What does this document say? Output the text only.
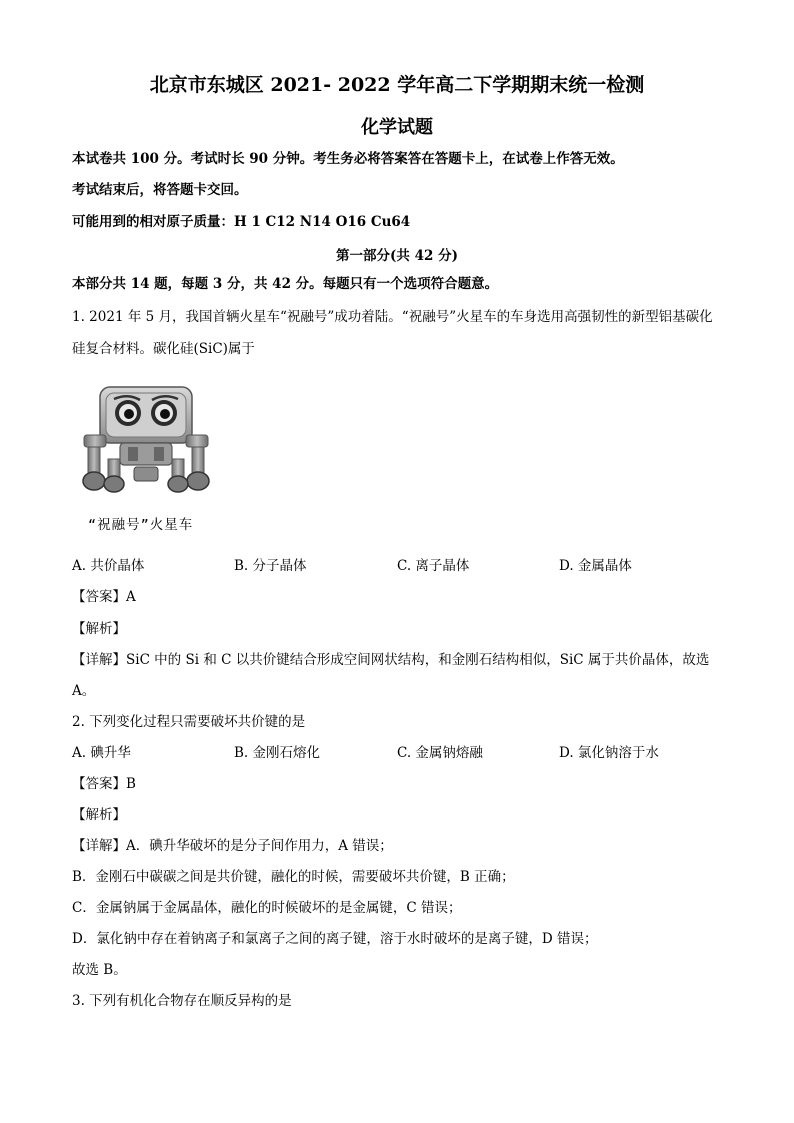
北京市东城区 2021- 2022 学年高二下学期期末统一检测
化学试题
本试卷共 100 分。考试时长 90 分钟。考生务必将答案答在答题卡上，在试卷上作答无效。
考试结束后，将答题卡交回。
可能用到的相对原子质量：H 1 C12 N14 O16 Cu64
第一部分(共 42 分)
本部分共 14 题，每题 3 分，共 42 分。每题只有一个选项符合题意。
1. 2021 年 5 月，我国首辆火星车“祝融号”成功着陆。“祝融号”火星车的车身选用高强韧性的新型铝基碳化
硅复合材料。碳化硅(SiC)属于
“祝融号”火星车
A. 共价晶体	B. 分子晶体	C. 离子晶体	D. 金属晶体
【答案】A
【解析】
【详解】SiC 中的 Si 和 C 以共价键结合形成空间网状结构，和金刚石结构相似，SiC 属于共价晶体，故选
A。
2. 下列变化过程只需要破坏共价键的是
A. 碘升华	B. 金刚石熔化	C. 金属钠熔融	D. 氯化钠溶于水
【答案】B
【解析】
【详解】A．碘升华破坏的是分子间作用力，A 错误；
B．金刚石中碳碳之间是共价键，融化的时候，需要破坏共价键，B 正确；
C．金属钠属于金属晶体，融化的时候破坏的是金属键，C 错误；
D．氯化钠中存在着钠离子和氯离子之间的离子键，溶于水时破坏的是离子键，D 错误；
故选 B。
3. 下列有机化合物存在顺反异构的是
